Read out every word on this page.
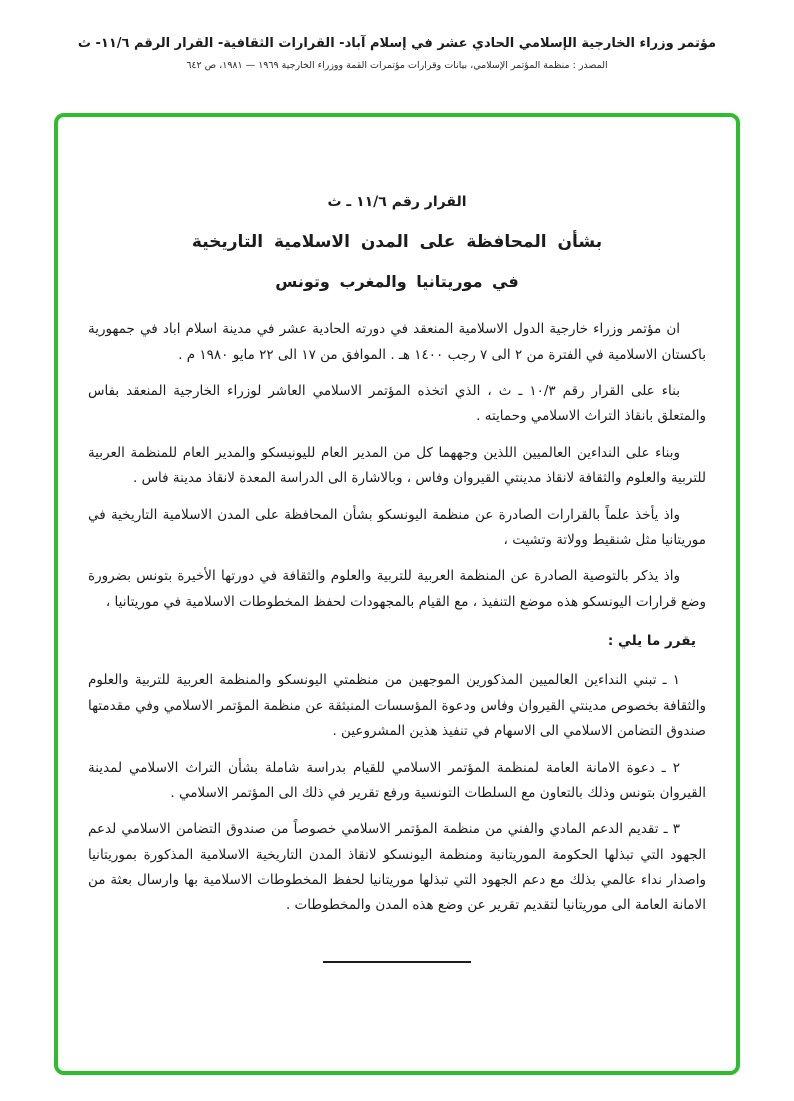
مؤتمر وزراء الخارجية الإسلامي الحادي عشر في إسلام آباد- القرارات الثقافية- القرار الرقم ١١/٦- ث
المصدر : منظمة المؤتمر الإسلامي، بيانات وقرارات مؤتمرات القمة ووزراء الخارجية ١٩٦٩ — ١٩٨١، ص ٦٤٢
القرار رقم ١١/٦ ـ ث
بشأن المحافظة على المدن الاسلامية التاريخية
في موريتانيا والمغرب وتونس

ان مؤتمر وزراء خارجية الدول الاسلامية المنعقد في دورته الحادية عشر في مدينة اسلام اباد في جمهورية باكستان الاسلامية في الفترة من ٢ الى ٧ رجب ١٤٠٠ هـ . الموافق من ١٧ الى ٢٢ مايو ١٩٨٠ م .

بناء على القرار رقم ١٠/٣ ـ ث ، الذي اتخذه المؤتمر الاسلامي العاشر لوزراء الخارجية المنعقد بفاس والمتعلق بانقاذ التراث الاسلامي وحمايته .

وبناء على النداءين العالميين اللذين وجههما كل من المدير العام لليونيسكو والمدير العام للمنظمة العربية للتربية والعلوم والثقافة لانقاذ مدينتي القيروان وفاس ، وبالاشارة الى الدراسة المعدة لانقاذ مدينة فاس .

واذ يأخذ علماً بالقرارات الصادرة عن منظمة اليونسكو بشأن المحافظة على المدن الاسلامية التاريخية في موريتانيا مثل شنقيط وولاتة وتشيت ،

واذ يذكر بالتوصية الصادرة عن المنظمة العربية للتربية والعلوم والثقافة في دورتها الأخيرة بتونس بضرورة وضع قرارات اليونسكو هذه موضع التنفيذ ، مع القيام بالمجهودات لحفظ المخطوطات الاسلامية في موريتانيا ،

يقرر ما يلي :

١ ـ تبني النداءين العالميين المذكورين الموجهين من منظمتي اليونسكو والمنظمة العربية للتربية والعلوم والثقافة بخصوص مدينتي القيروان وفاس ودعوة المؤسسات المنبثقة عن منظمة المؤتمر الاسلامي وفي مقدمتها صندوق التضامن الاسلامي الى الاسهام في تنفيذ هذين المشروعين .

٢ ـ دعوة الامانة العامة لمنظمة المؤتمر الاسلامي للقيام بدراسة شاملة بشأن التراث الاسلامي لمدينة القيروان بتونس وذلك بالتعاون مع السلطات التونسية ورفع تقرير في ذلك الى المؤتمر الاسلامي .

٣ ـ تقديم الدعم المادي والفني من منظمة المؤتمر الاسلامي خصوصاً من صندوق التضامن الاسلامي لدعم الجهود التي تبذلها الحكومة الموريتانية ومنظمة اليونسكو لانقاذ المدن التاريخية الاسلامية المذكورة بموريتانيا واصدار نداء عالمي بذلك مع دعم الجهود التي تبذلها موريتانيا لحفظ المخطوطات الاسلامية بها وارسال بعثة من الامانة العامة الى موريتانيا لتقديم تقرير عن وضع هذه المدن والمخطوطات .
